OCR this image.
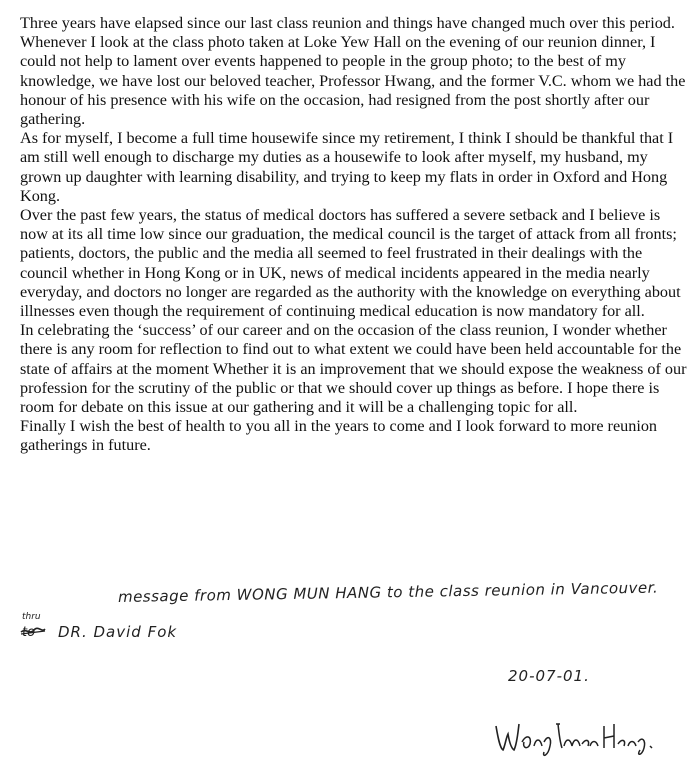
Three years have elapsed since our last class reunion and things have changed much over this period. Whenever I look at the class photo taken at Loke Yew Hall on the evening of our reunion dinner, I could not help to lament over events happened to people in the group photo; to the best of my knowledge, we have lost our beloved teacher, Professor Hwang, and the former V.C. whom we had the honour of his presence with his wife on the occasion, had resigned from the post shortly after our gathering.

As for myself, I become a full time housewife since my retirement, I think I should be thankful that I am still well enough to discharge my duties as a housewife to look after myself, my husband, my grown up daughter with learning disability, and trying to keep my flats in order in Oxford and Hong Kong.

Over the past few years, the status of medical doctors has suffered a severe setback and I believe is now at its all time low since our graduation, the medical council is the target of attack from all fronts; patients, doctors, the public and the media all seemed to feel frustrated in their dealings with the council whether in Hong Kong or in UK, news of medical incidents appeared in the media nearly everyday, and doctors no longer are regarded as the authority with the knowledge on everything about illnesses even though the requirement of continuing medical education is now mandatory for all.

In celebrating the ‘success’ of our career and on the occasion of the class reunion, I wonder whether there is any room for reflection to find out to what extent we could have been held accountable for the state of affairs at the moment Whether it is an improvement that we should expose the weakness of our profession for the scrutiny of the public or that we should cover up things as before. I hope there is room for debate on this issue at our gathering and it will be a challenging topic for all.

Finally I wish the best of health to you all in the years to come and I look forward to more reunion gatherings in future.

message from WONG MUN HANG to the class reunion in Vancouver.
thru
to DR. David Fok
20-07-01.
